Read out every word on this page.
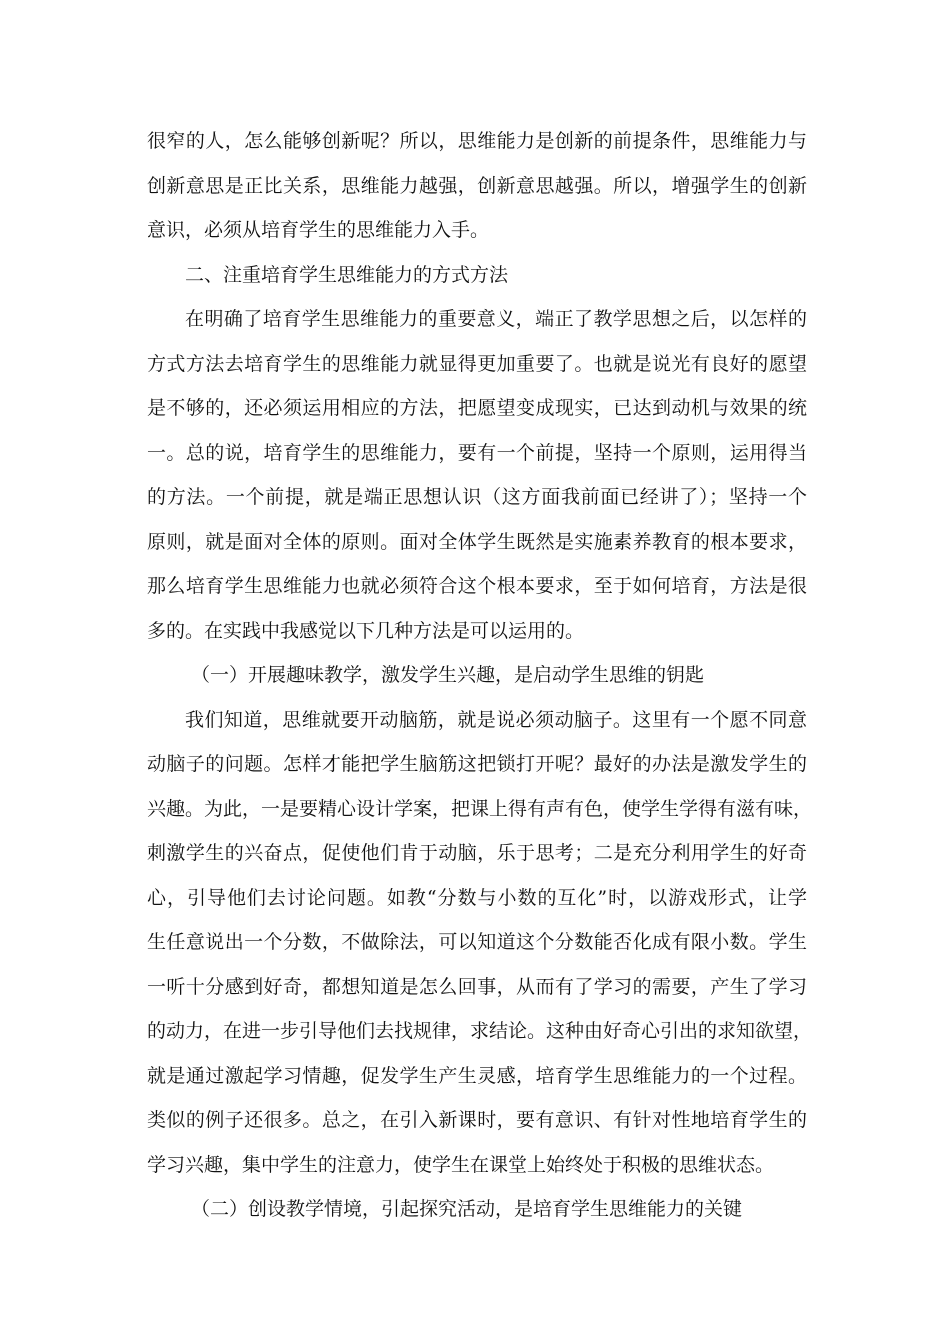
很窄的人，怎么能够创新呢？所以，思维能力是创新的前提条件，思维能力与
创新意思是正比关系，思维能力越强，创新意思越强。所以，增强学生的创新
意识，必须从培育学生的思维能力入手。
二、注重培育学生思维能力的方式方法
在明确了培育学生思维能力的重要意义，端正了教学思想之后，以怎样的
方式方法去培育学生的思维能力就显得更加重要了。也就是说光有良好的愿望
是不够的，还必须运用相应的方法，把愿望变成现实，已达到动机与效果的统
一。总的说，培育学生的思维能力，要有一个前提，坚持一个原则，运用得当
的方法。一个前提，就是端正思想认识（这方面我前面已经讲了）；坚持一个
原则，就是面对全体的原则。面对全体学生既然是实施素养教育的根本要求，
那么培育学生思维能力也就必须符合这个根本要求，至于如何培育，方法是很
多的。在实践中我感觉以下几种方法是可以运用的。
（一）开展趣味教学，激发学生兴趣，是启动学生思维的钥匙
我们知道，思维就要开动脑筋，就是说必须动脑子。这里有一个愿不同意
动脑子的问题。怎样才能把学生脑筋这把锁打开呢？最好的办法是激发学生的
兴趣。为此，一是要精心设计学案，把课上得有声有色，使学生学得有滋有味，
刺激学生的兴奋点，促使他们肯于动脑，乐于思考；二是充分利用学生的好奇
心，引导他们去讨论问题。如教“分数与小数的互化”时，以游戏形式，让学
生任意说出一个分数，不做除法，可以知道这个分数能否化成有限小数。学生
一听十分感到好奇，都想知道是怎么回事，从而有了学习的需要，产生了学习
的动力，在进一步引导他们去找规律，求结论。这种由好奇心引出的求知欲望，
就是通过激起学习情趣，促发学生产生灵感，培育学生思维能力的一个过程。
类似的例子还很多。总之，在引入新课时，要有意识、有针对性地培育学生的
学习兴趣，集中学生的注意力，使学生在课堂上始终处于积极的思维状态。
（二）创设教学情境，引起探究活动，是培育学生思维能力的关键
